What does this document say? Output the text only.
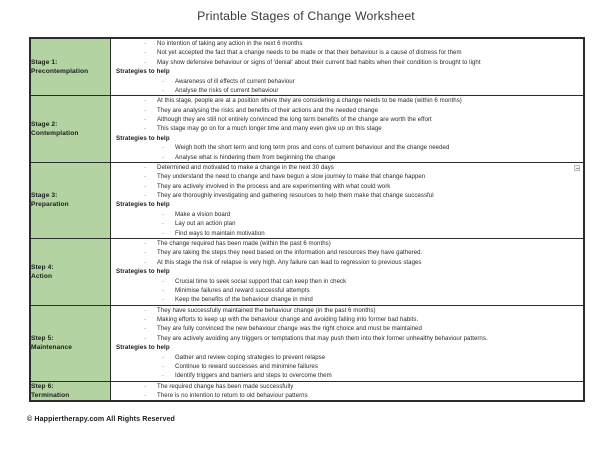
Printable Stages of Change Worksheet
Stage 1:
Precontemplation

- No intention of taking any action in the next 6 months
- Not yet accepted the fact that a change needs to be made or that their behaviour is a cause of distress for them
- May show defensive behaviour or signs of 'denial' about their current bad habits when their condition is brought to light
Strategies to help
- Awareness of ill effects of current behaviour
- Analyse the risks of current behaviour

Stage 2:
Contemplation

- At this stage, people are at a position where they are considering a change needs to be made (within 6 months)
- They are analysing the risks and benefits of their actions and the needed change
- Although they are still not entirely convinced the long term benefits of the change are worth the effort
- This stage may go on for a much longer time and many even give up on this stage
Strategies to help
- Weigh both the short term and long term pros and cons of current behaviour and the change needed
- Analyse what is hindering them from beginning the change

Stage 3:
Preparation

- Determined and motivated to make a change in the next 30 days
- They understand the need to change and have begun a slow journey to make that change happen
- They are actively involved in the process and are experimenting with what could work
- They are thoroughly investigating and gathering resources to help them make that change successful
Strategies to help
- Make a vision board
- Lay out an action plan
- Find ways to maintain motivation

Step 4:
Action

- The change required has been made (within the past 6 months)
- They are taking the steps they need based on the information and resources they have gathered.
- At this stage the risk of relapse is very high. Any failure can lead to regression to previous stages
Strategies to help
- Crucial time to seek social support that can keep then in check
- Minimise failures and reward successful attempts
- Keep the benefits of the behaviour change in mind

Step 5:
Maintenance

- They have successfully maintained the behaviour change (in the past 6 months)
- Making efforts to keep up with the behaviour change and avoiding falling into former bad habits.
- They are fully convinced the new behaviour change was the right choice and must be maintained
- They are actively avoiding any triggers or temptations that may push them into their former unhealthy behaviour patterns.
Strategies to help
- Gather and review coping strategies to prevent relapse
- Continue to reward successes and minimine failures
- Identify triggers and barriers and steps to overcome them

Step 6:
Termination

- The required change has been made successfully
- There is no intention to return to old behaviour patterns
© Happiertherapy.com All Rights Reserved
